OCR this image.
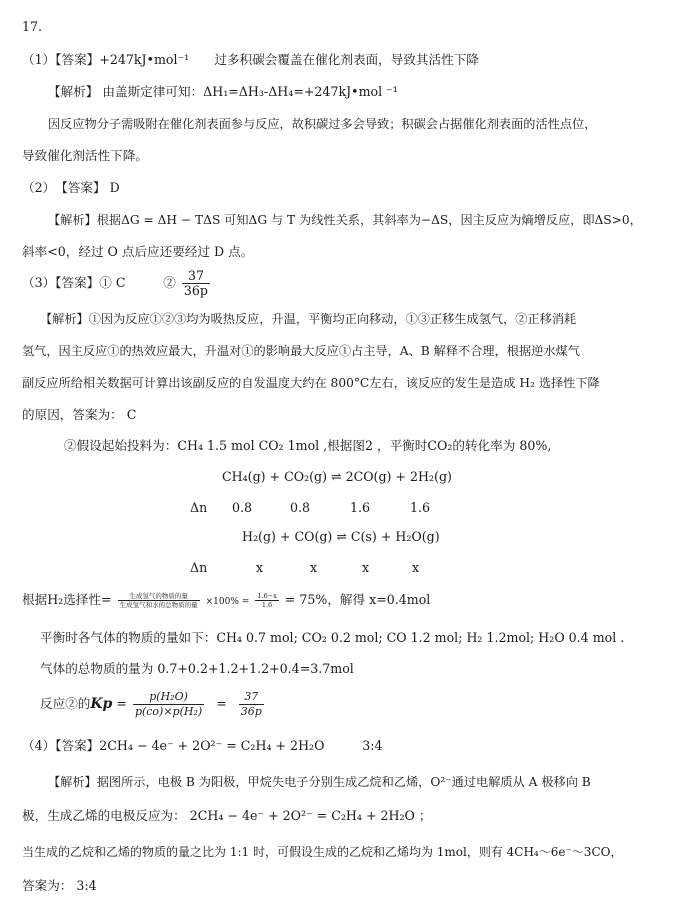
17.
（1）【答案】+247kJ•mol⁻¹　　过多积碳会覆盖在催化剂表面，导致其活性下降
【解析】 由盖斯定律可知：ΔH₁=ΔH₃-ΔH₄=+247kJ•mol ⁻¹
因反应物分子需吸附在催化剂表面参与反应，故积碳过多会导致；积碳会占据催化剂表面的活性点位，
导致催化剂活性下降。
（2）　【答案】 D
【解析】根据ΔG = ΔH − TΔS 可知ΔG 与 T 为线性关系，其斜率为−ΔS，因主反应为熵增反应，即ΔS>0，
斜率<0，经过 O 点后应还要经过 D 点。
（3）【答案】① C　　　② $\frac{37}{36p}$
【解析】①因为反应①②③均为吸热反应，升温，平衡均正向移动，①③正移生成氢气，②正移消耗
氢气，因主反应①的热效应最大，升温对①的影响最大反应①占主导，A、B 解释不合理，根据逆水煤气
副反应所给相关数据可计算出该副反应的自发温度大约在 800°C左右，该反应的发生是造成 H₂ 选择性下降
的原因，答案为： C
②假设起始投料为：CH₄ 1.5 mol CO₂ 1mol ,根据图2 ，平衡时CO₂的转化率为 80%,
CH₄(g) + CO₂(g) ⇌ 2CO(g) + 2H₂(g)
Δn 0.8	0.8	1.6	1.6
H₂(g) + CO(g) ⇌ C(s) + H₂O(g)
Δn	x	x	x	x
根据H₂选择性= $\frac{\text{生成氢气的物质的量}}{\text{生成氢气和水的总物质的量}} \times 100\% = \frac{1.6-x}{1.6} = 75\%$，解得 x=0.4mol
平衡时各气体的物质的量如下：CH₄ 0.7 mol; CO₂ 0.2 mol; CO 1.2 mol; H₂ 1.2mol; H₂O 0.4 mol .
气体的总物质的量为 0.7+0.2+1.2+1.2+0.4=3.7mol
反应②的$Kp = \frac{\text{p(H₂O)}}{\text{p(co)×p(H₂)}} = \frac{37}{36p}$
（4）【答案】2CH₄ − 4e⁻ + 2O²⁻ = C₂H₄ + 2H₂O　　　3:4
【解析】据图所示，电极 B 为阳极，甲烷失电子分别生成乙烷和乙烯，O²⁻通过电解质从 A 极移向 B
极，生成乙烯的电极反应为： 2CH₄ − 4e⁻ + 2O²⁻ = C₂H₄ + 2H₂O ；
当生成的乙烷和乙烯的物质的量之比为 1:1 时，可假设生成的乙烷和乙烯均为 1mol，则有 4CH₄～6e⁻～3CO，
答案为： 3:4
